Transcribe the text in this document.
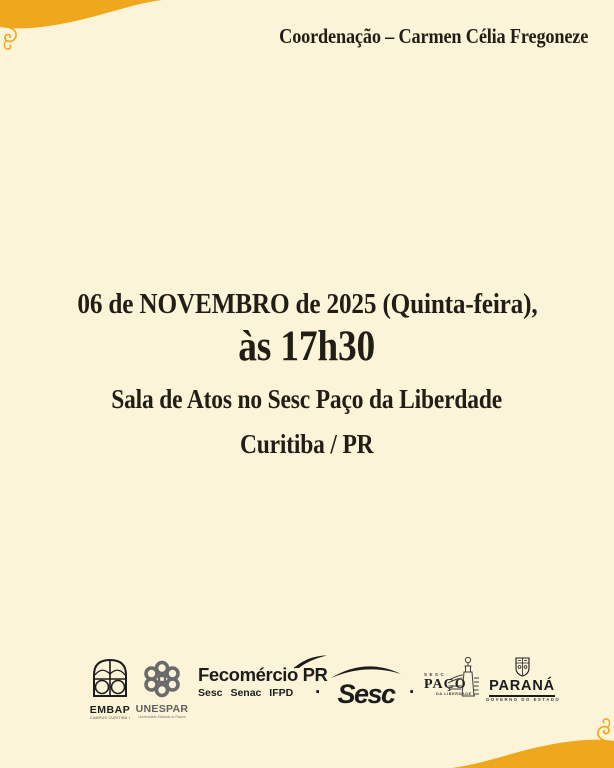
Coordenação – Carmen Célia Fregoneze
06 de NOVEMBRO de 2025 (Quinta-feira),
às 17h30
Sala de Atos no Sesc Paço da Liberdade
Curitiba / PR
EMBAP
CAMPUS CURITIBA I
UNESPAR
Universidade Estadual do Paraná
Fecomércio PR
Sesc Senac IFPD	· Sesc ·
SESC
PAÇO
DA LIBERDADE PARANÁ
GOVERNO DO ESTADO
